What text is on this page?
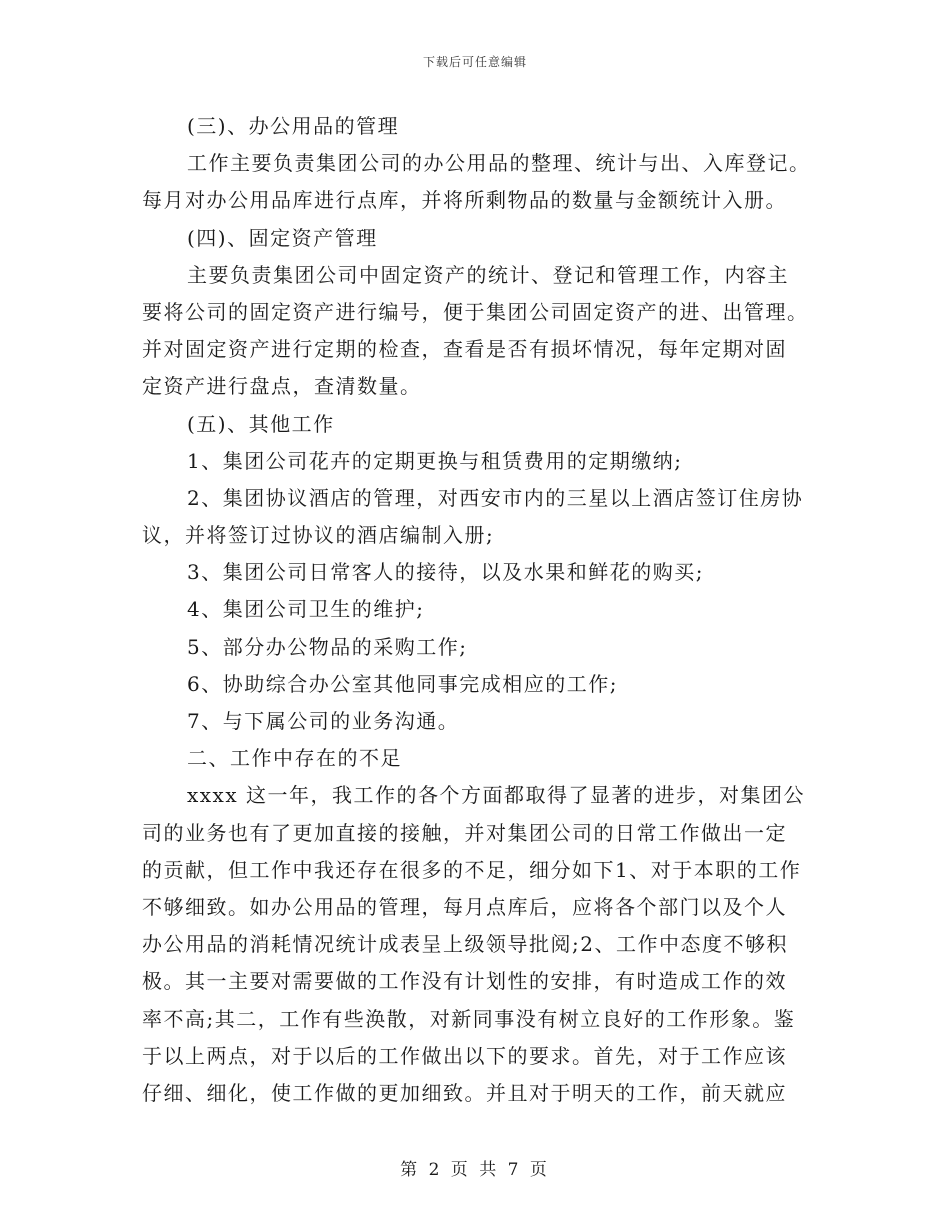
下载后可任意编辑
(三)、办公用品的管理
工作主要负责集团公司的办公用品的整理、统计与出、入库登记。
每月对办公用品库进行点库，并将所剩物品的数量与金额统计入册。
(四)、固定资产管理
主要负责集团公司中固定资产的统计、登记和管理工作，内容主
要将公司的固定资产进行编号，便于集团公司固定资产的进、出管理。
并对固定资产进行定期的检查，查看是否有损坏情况，每年定期对固
定资产进行盘点，查清数量。
(五)、其他工作
1、集团公司花卉的定期更换与租赁费用的定期缴纳;
2、集团协议酒店的管理，对西安市内的三星以上酒店签订住房协
议，并将签订过协议的酒店编制入册;
3、集团公司日常客人的接待，以及水果和鲜花的购买;
4、集团公司卫生的维护;
5、部分办公物品的采购工作;
6、协助综合办公室其他同事完成相应的工作;
7、与下属公司的业务沟通。
二、工作中存在的不足
xxxx 这一年，我工作的各个方面都取得了显著的进步，对集团公
司的业务也有了更加直接的接触，并对集团公司的日常工作做出一定
的贡献，但工作中我还存在很多的不足，细分如下1、对于本职的工作
不够细致。如办公用品的管理，每月点库后，应将各个部门以及个人
办公用品的消耗情况统计成表呈上级领导批阅;2、工作中态度不够积
极。其一主要对需要做的工作没有计划性的安排，有时造成工作的效
率不高;其二，工作有些涣散，对新同事没有树立良好的工作形象。鉴
于以上两点，对于以后的工作做出以下的要求。首先，对于工作应该
仔细、细化，使工作做的更加细致。并且对于明天的工作，前天就应
第 2 页 共 7 页
